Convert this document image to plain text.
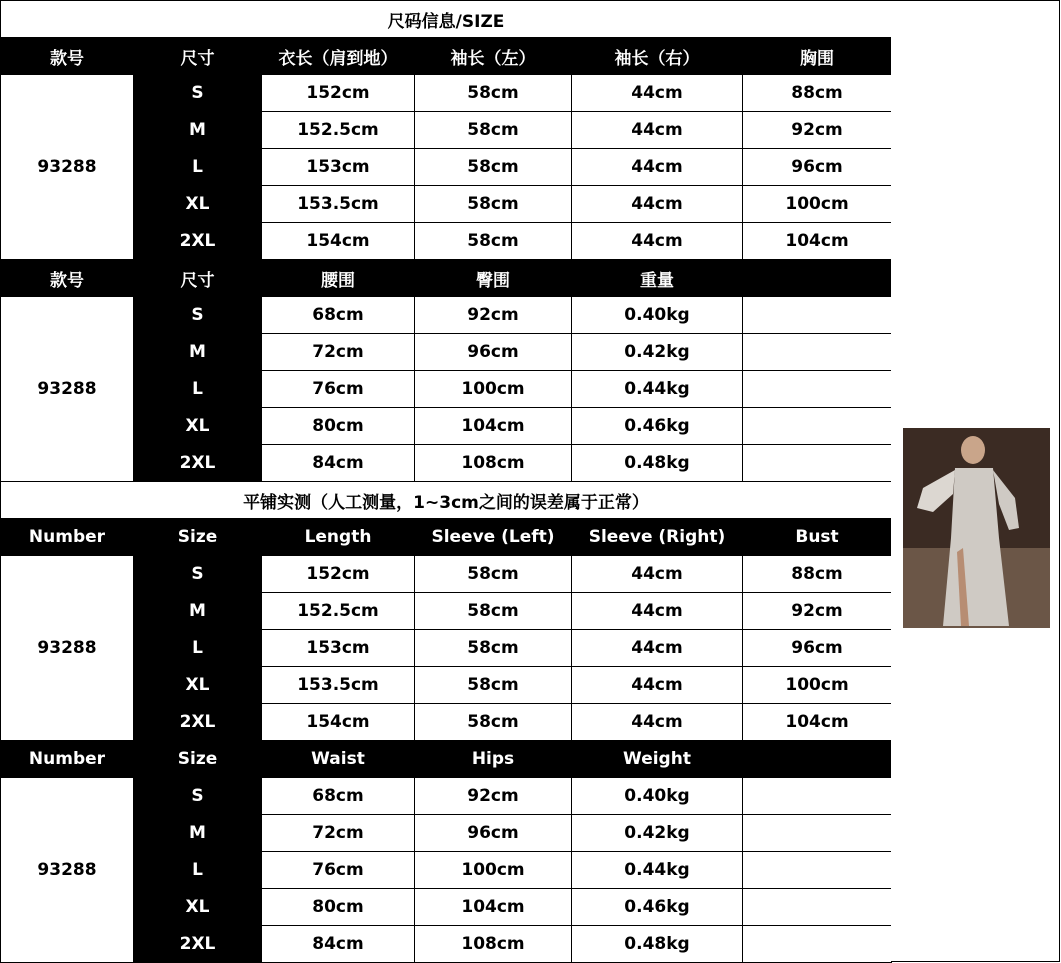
尺码信息/SIZE					
款号	尺寸	衣长（肩到地）	袖长（左）	袖长（右）	胸围
93288	S	152cm	58cm	44cm	88cm
	M	152.5cm	58cm	44cm	92cm
	L	153cm	58cm	44cm	96cm
	XL	153.5cm	58cm	44cm	100cm
	2XL	154cm	58cm	44cm	104cm
款号	尺寸	腰围	臀围	重量	
93288	S	68cm	92cm	0.40kg	
	M	72cm	96cm	0.42kg	
	L	76cm	100cm	0.44kg	
	XL	80cm	104cm	0.46kg	
	2XL	84cm	108cm	0.48kg	
平铺实测（人工测量，1~3cm之间的误差属于正常）					
Number	Size	Length	Sleeve (Left)	Sleeve (Right)	Bust
93288	S	152cm	58cm	44cm	88cm
	M	152.5cm	58cm	44cm	92cm
	L	153cm	58cm	44cm	96cm
	XL	153.5cm	58cm	44cm	100cm
	2XL	154cm	58cm	44cm	104cm
Number	Size	Waist	Hips	Weight	
93288	S	68cm	92cm	0.40kg	
	M	72cm	96cm	0.42kg	
	L	76cm	100cm	0.44kg	
	XL	80cm	104cm	0.46kg	
	2XL	84cm	108cm	0.48kg	
